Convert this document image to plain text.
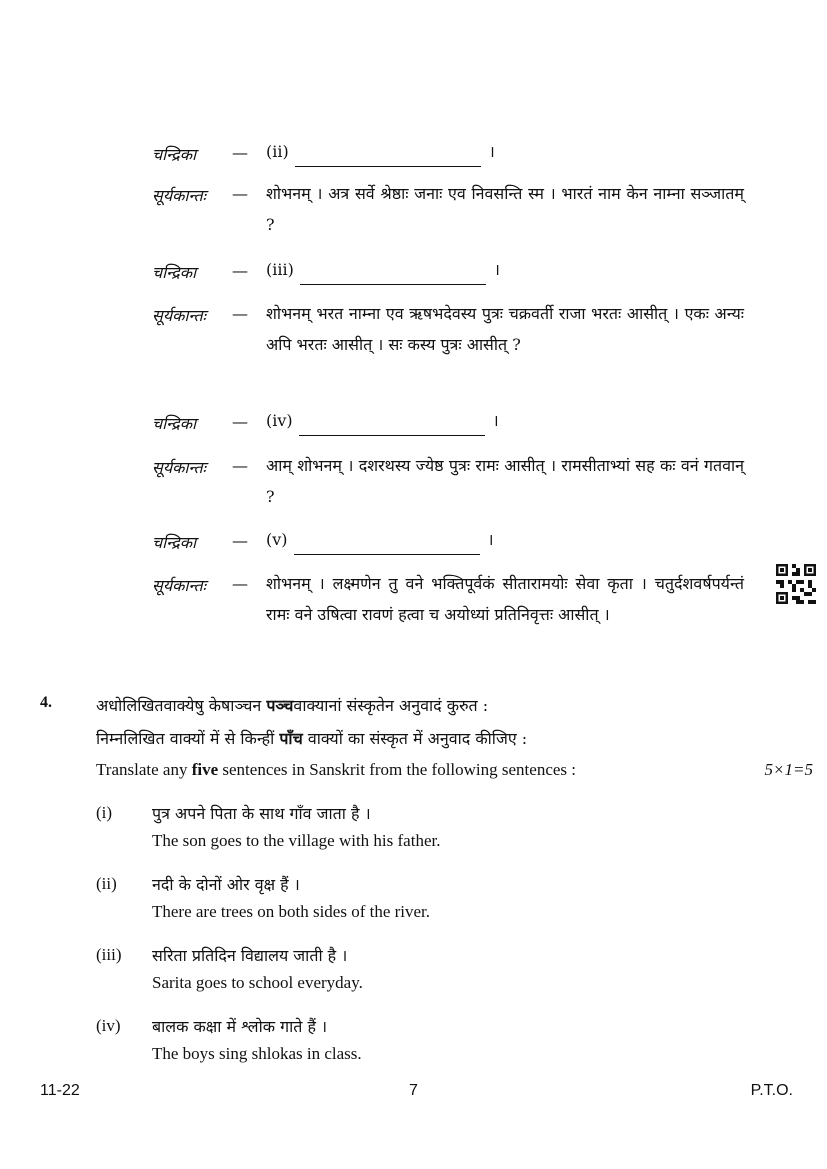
चन्द्रिका — (ii)	।
सूर्यकान्तः — शोभनम् । अत्र सर्वे श्रेष्ठाः जनाः एव निवसन्ति स्म । भारतं नाम केन नाम्ना सञ्जातम् ?
चन्द्रिका — (iii)	।
सूर्यकान्तः — शोभनम् भरत नाम्ना एव ऋषभदेवस्य पुत्रः चक्रवर्ती राजा भरतः आसीत् । एकः अन्यः अपि भरतः आसीत् । सः कस्य पुत्रः आसीत् ?
चन्द्रिका — (iv)	।
सूर्यकान्तः — आम् शोभनम् । दशरथस्य ज्येष्ठ पुत्रः रामः आसीत् । रामसीताभ्यां सह कः वनं गतवान् ?
चन्द्रिका — (v)	।
सूर्यकान्तः — शोभनम् । लक्ष्मणेन तु वने भक्तिपूर्वकं सीतारामयोः सेवा कृता । चतुर्दशवर्षपर्यन्तं रामः वने उषित्वा रावणं हत्वा च अयोध्यां प्रतिनिवृत्तः आसीत् ।
4.	अधोलिखितवाक्येषु केषाञ्चन पञ्चवाक्यानां संस्कृतेन अनुवादं कुरुत :
निम्नलिखित वाक्यों में से किन्हीं पाँच वाक्यों का संस्कृत में अनुवाद कीजिए :
Translate any five sentences in Sanskrit from the following sentences :	5×1=5
(i) पुत्र अपने पिता के साथ गाँव जाता है ।
The son goes to the village with his father.
(ii) नदी के दोनों ओर वृक्ष हैं ।
There are trees on both sides of the river.
(iii) सरिता प्रतिदिन विद्यालय जाती है ।
Sarita goes to school everyday.
(iv) बालक कक्षा में श्लोक गाते हैं ।
The boys sing shlokas in class.
11-22	7	P.T.O.
